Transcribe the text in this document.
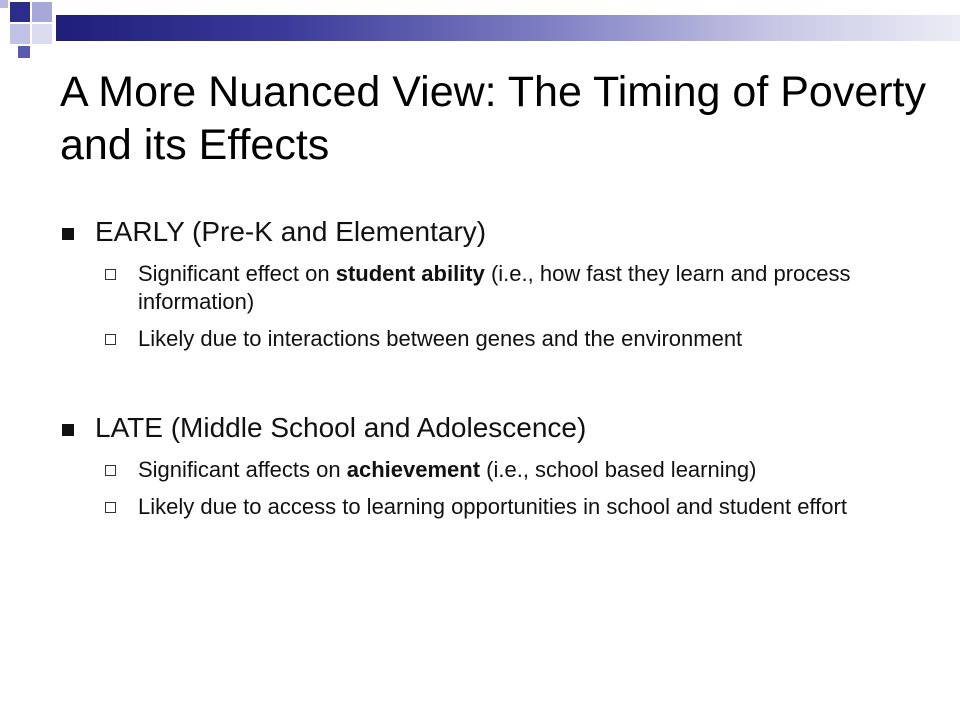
A More Nuanced View: The Timing of Poverty and its Effects

EARLY (Pre-K and Elementary)

Significant effect on student ability (i.e., how fast they learn and process information)

Likely due to interactions between genes and the environment

LATE (Middle School and Adolescence)

Significant affects on achievement (i.e., school based learning)

Likely due to access to learning opportunities in school and student effort
